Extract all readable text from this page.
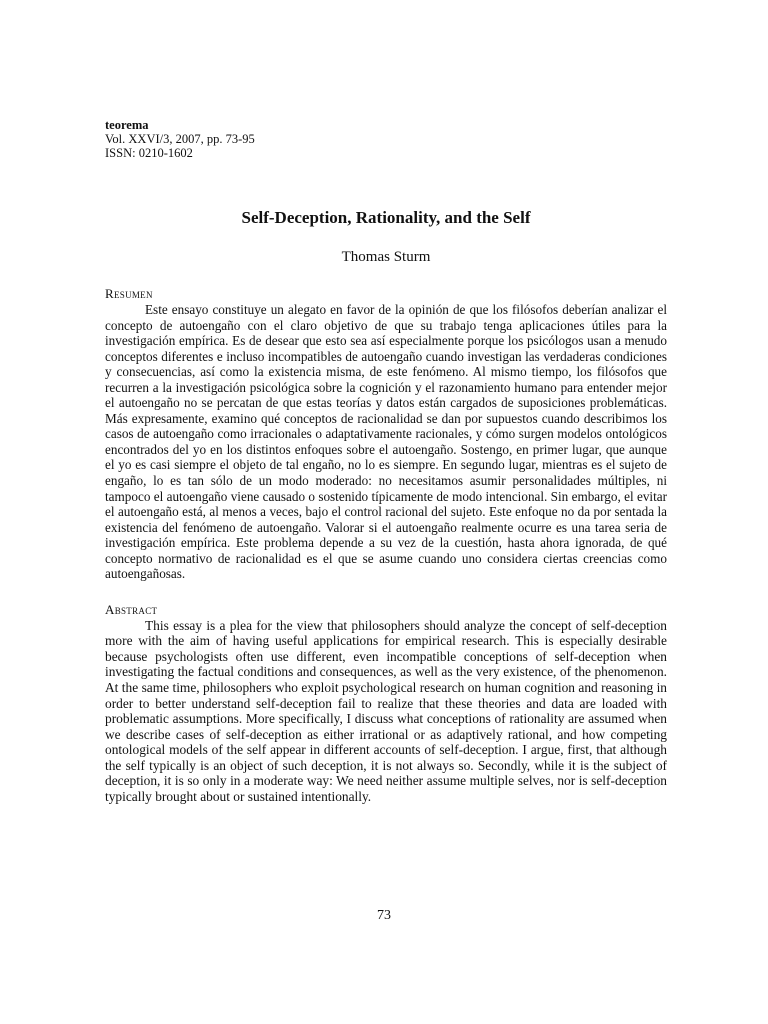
teorema
Vol. XXVI/3, 2007, pp. 73-95
ISSN: 0210-1602
Self-Deception, Rationality, and the Self
Thomas Sturm
Resumen
Este ensayo constituye un alegato en favor de la opinión de que los filósofos deberían analizar el concepto de autoengaño con el claro objetivo de que su trabajo tenga aplicaciones útiles para la investigación empírica. Es de desear que esto sea así especialmente porque los psicólogos usan a menudo conceptos diferentes e incluso incompatibles de autoengaño cuando investigan las verdaderas condiciones y consecuencias, así como la existencia misma, de este fenómeno. Al mismo tiempo, los filósofos que recurren a la investigación psicológica sobre la cognición y el razonamiento humano para entender mejor el autoengaño no se percatan de que estas teorías y datos están cargados de suposiciones problemáticas. Más expresamente, examino qué conceptos de racionalidad se dan por supuestos cuando describimos los casos de autoengaño como irracionales o adaptativamente racionales, y cómo surgen modelos ontológicos encontrados del yo en los distintos enfoques sobre el autoengaño. Sostengo, en primer lugar, que aunque el yo es casi siempre el objeto de tal engaño, no lo es siempre. En segundo lugar, mientras es el sujeto de engaño, lo es tan sólo de un modo moderado: no necesitamos asumir personalidades múltiples, ni tampoco el autoengaño viene causado o sostenido típicamente de modo intencional. Sin embargo, el evitar el autoengaño está, al menos a veces, bajo el control racional del sujeto. Este enfoque no da por sentada la existencia del fenómeno de autoengaño. Valorar si el autoengaño realmente ocurre es una tarea seria de investigación empírica. Este problema depende a su vez de la cuestión, hasta ahora ignorada, de qué concepto normativo de racionalidad es el que se asume cuando uno considera ciertas creencias como autoengañosas.
Abstract
This essay is a plea for the view that philosophers should analyze the concept of self-deception more with the aim of having useful applications for empirical research. This is especially desirable because psychologists often use different, even incompatible conceptions of self-deception when investigating the factual conditions and consequences, as well as the very existence, of the phenomenon. At the same time, philosophers who exploit psychological research on human cognition and reasoning in order to better understand self-deception fail to realize that these theories and data are loaded with problematic assumptions. More specifically, I discuss what conceptions of rationality are assumed when we describe cases of self-deception as either irrational or as adaptively rational, and how competing ontological models of the self appear in different accounts of self-deception. I argue, first, that although the self typically is an object of such deception, it is not always so. Secondly, while it is the subject of deception, it is so only in a moderate way: We need neither assume multiple selves, nor is self-deception typically brought about or sustained intentionally.
73
